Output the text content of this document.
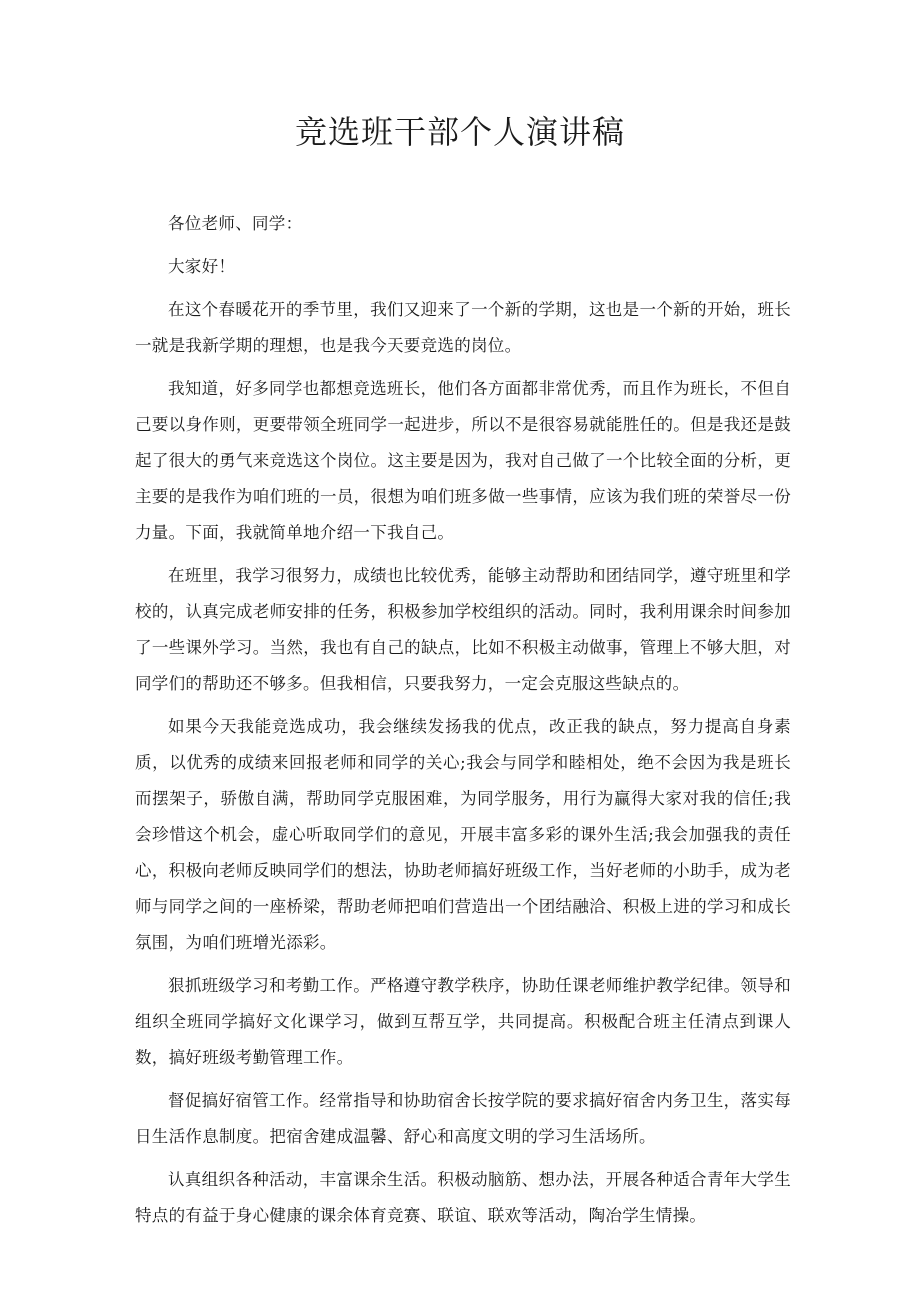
竞选班干部个人演讲稿

各位老师、同学：

大家好！

在这个春暖花开的季节里，我们又迎来了一个新的学期，这也是一个新的开始，班长一就是我新学期的理想，也是我今天要竞选的岗位。

我知道，好多同学也都想竞选班长，他们各方面都非常优秀，而且作为班长，不但自己要以身作则，更要带领全班同学一起进步，所以不是很容易就能胜任的。但是我还是鼓起了很大的勇气来竞选这个岗位。这主要是因为，我对自己做了一个比较全面的分析，更主要的是我作为咱们班的一员，很想为咱们班多做一些事情，应该为我们班的荣誉尽一份力量。下面，我就简单地介绍一下我自己。

在班里，我学习很努力，成绩也比较优秀，能够主动帮助和团结同学，遵守班里和学校的，认真完成老师安排的任务，积极参加学校组织的活动。同时，我利用课余时间参加了一些课外学习。当然，我也有自己的缺点，比如不积极主动做事，管理上不够大胆，对同学们的帮助还不够多。但我相信，只要我努力，一定会克服这些缺点的。

如果今天我能竞选成功，我会继续发扬我的优点，改正我的缺点，努力提高自身素质，以优秀的成绩来回报老师和同学的关心;我会与同学和睦相处，绝不会因为我是班长而摆架子，骄傲自满，帮助同学克服困难，为同学服务，用行为赢得大家对我的信任;我会珍惜这个机会，虚心听取同学们的意见，开展丰富多彩的课外生活;我会加强我的责任心，积极向老师反映同学们的想法，协助老师搞好班级工作，当好老师的小助手，成为老师与同学之间的一座桥梁，帮助老师把咱们营造出一个团结融洽、积极上进的学习和成长氛围，为咱们班增光添彩。

狠抓班级学习和考勤工作。严格遵守教学秩序，协助任课老师维护教学纪律。领导和组织全班同学搞好文化课学习，做到互帮互学，共同提高。积极配合班主任清点到课人数，搞好班级考勤管理工作。

督促搞好宿管工作。经常指导和协助宿舍长按学院的要求搞好宿舍内务卫生，落实每日生活作息制度。把宿舍建成温馨、舒心和高度文明的学习生活场所。

认真组织各种活动，丰富课余生活。积极动脑筋、想办法，开展各种适合青年大学生特点的有益于身心健康的课余体育竞赛、联谊、联欢等活动，陶冶学生情操。
